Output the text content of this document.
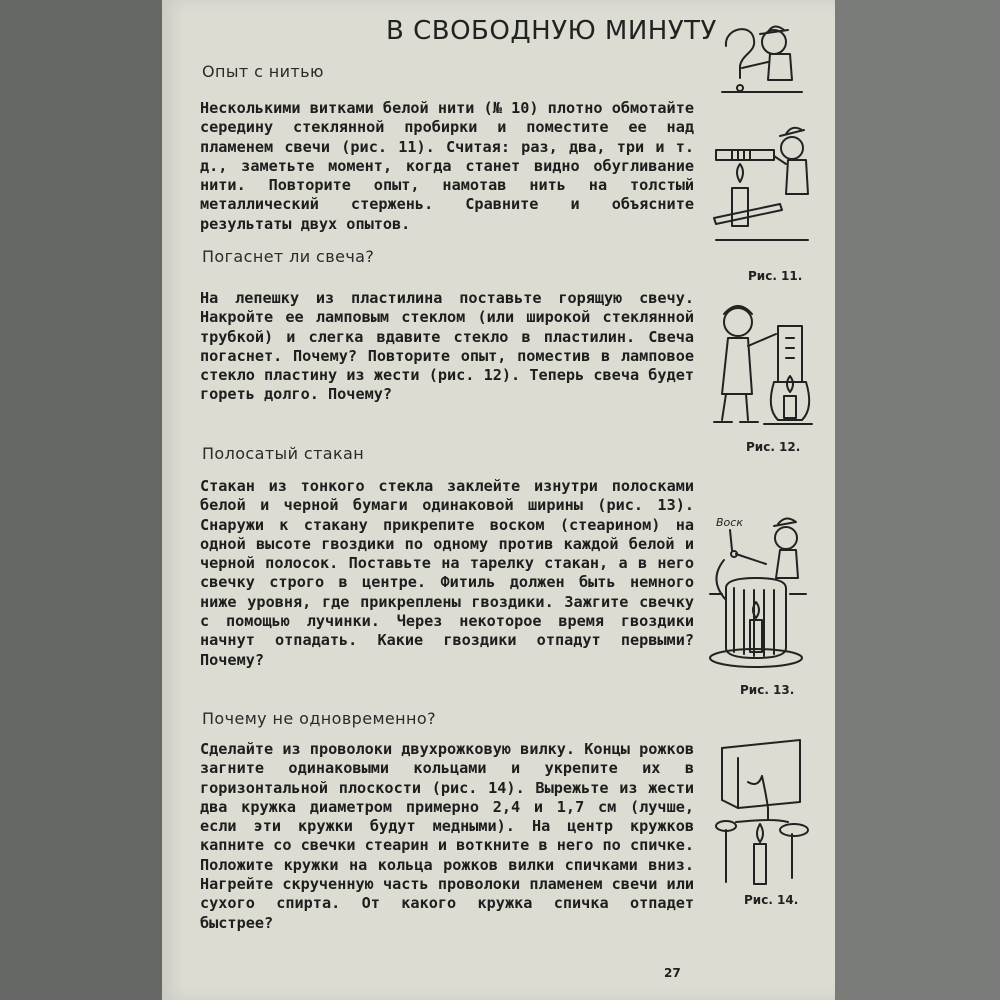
В СВОБОДНУЮ МИНУТУ
Опыт с нитью
Несколькими витками белой нити (№ 10) плотно обмотайте середину стеклянной пробирки и поместите ее над пламенем свечи (рис. 11). Считая: раз, два, три и т. д., заметьте момент, когда станет видно обугливание нити. Повторите опыт, намотав нить на толстый металлический стержень. Сравните и объясните результаты двух опытов.
Погаснет ли свеча?
На лепешку из пластилина поставьте горящую свечу. Накройте ее ламповым стеклом (или широкой стеклянной трубкой) и слегка вдавите стекло в пластилин. Свеча погаснет. Почему? Повторите опыт, поместив в ламповое стекло пластину из жести (рис. 12). Теперь свеча будет гореть долго. Почему?
Полосатый стакан
Стакан из тонкого стекла заклейте изнутри полосками белой и черной бумаги одинаковой ширины (рис. 13). Снаружи к стакану прикрепите воском (стеарином) на одной высоте гвоздики по одному против каждой белой и черной полосок. Поставьте на тарелку стакан, а в него свечку строго в центре. Фитиль должен быть немного ниже уровня, где прикреплены гвоздики. Зажгите свечку с помощью лучинки. Через некоторое время гвоздики начнут отпадать. Какие гвоздики отпадут первыми? Почему?
Почему не одновременно?
Сделайте из проволоки двухрожковую вилку. Концы рожков загните одинаковыми кольцами и укрепите их в горизонтальной плоскости (рис. 14). Вырежьте из жести два кружка диаметром примерно 2,4 и 1,7 см (лучше, если эти кружки будут медными). На центр кружков капните со свечки стеарин и воткните в него по спичке. Положите кружки на кольца рожков вилки спичками вниз. Нагрейте скрученную часть проволоки пламенем свечи или сухого спирта. От какого кружка спичка отпадет быстрее?
Рис. 11.
Рис. 12.
Воск
Рис. 13.
Рис. 14.
27
